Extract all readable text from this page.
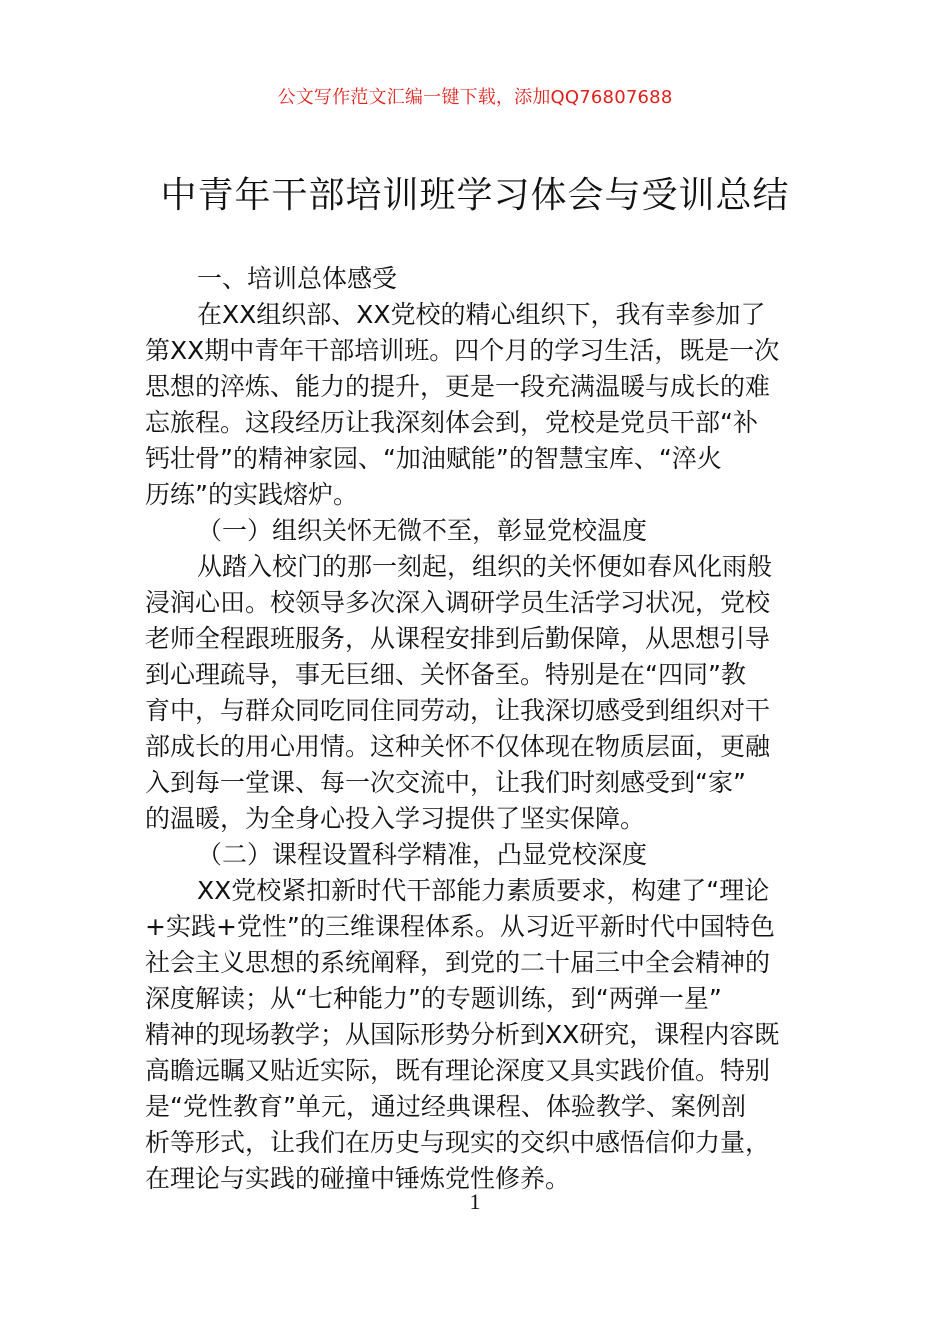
公文写作范文汇编一键下载，添加QQ76807688
中青年干部培训班学习体会与受训总结
一、培训总体感受
在XX组织部、XX党校的精心组织下，我有幸参加了
第XX期中青年干部培训班。四个月的学习生活，既是一次
思想的淬炼、能力的提升，更是一段充满温暖与成长的难
忘旅程。这段经历让我深刻体会到，党校是党员干部“补
钙壮骨”的精神家园、“加油赋能”的智慧宝库、“淬火
历练”的实践熔炉。
（一）组织关怀无微不至，彰显党校温度
从踏入校门的那一刻起，组织的关怀便如春风化雨般
浸润心田。校领导多次深入调研学员生活学习状况，党校
老师全程跟班服务，从课程安排到后勤保障，从思想引导
到心理疏导，事无巨细、关怀备至。特别是在“四同”教
育中，与群众同吃同住同劳动，让我深切感受到组织对干
部成长的用心用情。这种关怀不仅体现在物质层面，更融
入到每一堂课、每一次交流中，让我们时刻感受到“家”
的温暖，为全身心投入学习提供了坚实保障。
（二）课程设置科学精准，凸显党校深度
XX党校紧扣新时代干部能力素质要求，构建了“理论
+实践+党性”的三维课程体系。从习近平新时代中国特色
社会主义思想的系统阐释，到党的二十届三中全会精神的
深度解读；从“七种能力”的专题训练，到“两弹一星”
精神的现场教学；从国际形势分析到XX研究，课程内容既
高瞻远瞩又贴近实际，既有理论深度又具实践价值。特别
是“党性教育”单元，通过经典课程、体验教学、案例剖
析等形式，让我们在历史与现实的交织中感悟信仰力量，
在理论与实践的碰撞中锤炼党性修养。
1
